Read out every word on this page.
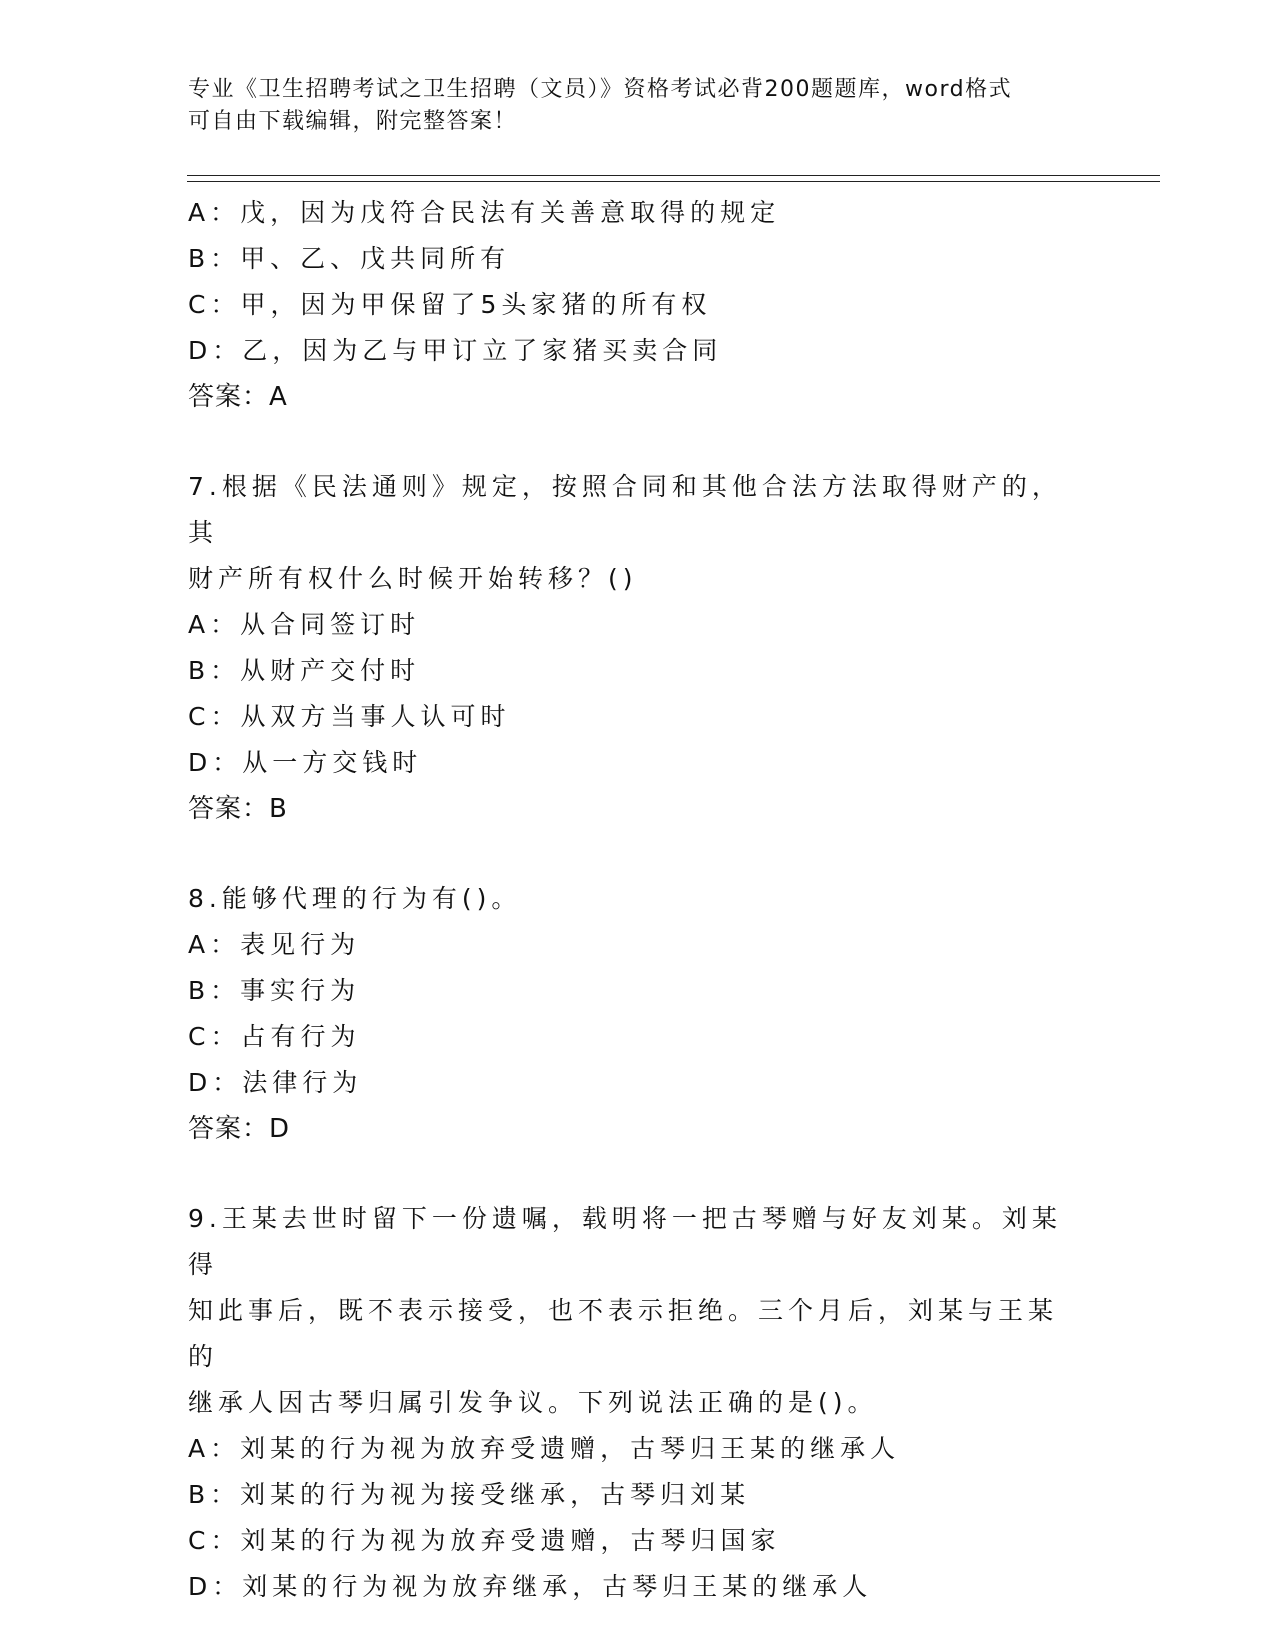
专业《卫生招聘考试之卫生招聘（文员）》资格考试必背200题题库，word格式
可自由下载编辑，附完整答案！
A：戊，因为戊符合民法有关善意取得的规定
B：甲、乙、戊共同所有
C：甲，因为甲保留了5头家猪的所有权
D：乙，因为乙与甲订立了家猪买卖合同
答案：A
7.根据《民法通则》规定，按照合同和其他合法方法取得财产的，其
财产所有权什么时候开始转移？()
A：从合同签订时
B：从财产交付时
C：从双方当事人认可时
D：从一方交钱时
答案：B
8.能够代理的行为有()。
A：表见行为
B：事实行为
C：占有行为
D：法律行为
答案：D
9.王某去世时留下一份遗嘱，载明将一把古琴赠与好友刘某。刘某得
知此事后，既不表示接受，也不表示拒绝。三个月后，刘某与王某的
继承人因古琴归属引发争议。下列说法正确的是()。
A：刘某的行为视为放弃受遗赠，古琴归王某的继承人
B：刘某的行为视为接受继承，古琴归刘某
C：刘某的行为视为放弃受遗赠，古琴归国家
D：刘某的行为视为放弃继承，古琴归王某的继承人
